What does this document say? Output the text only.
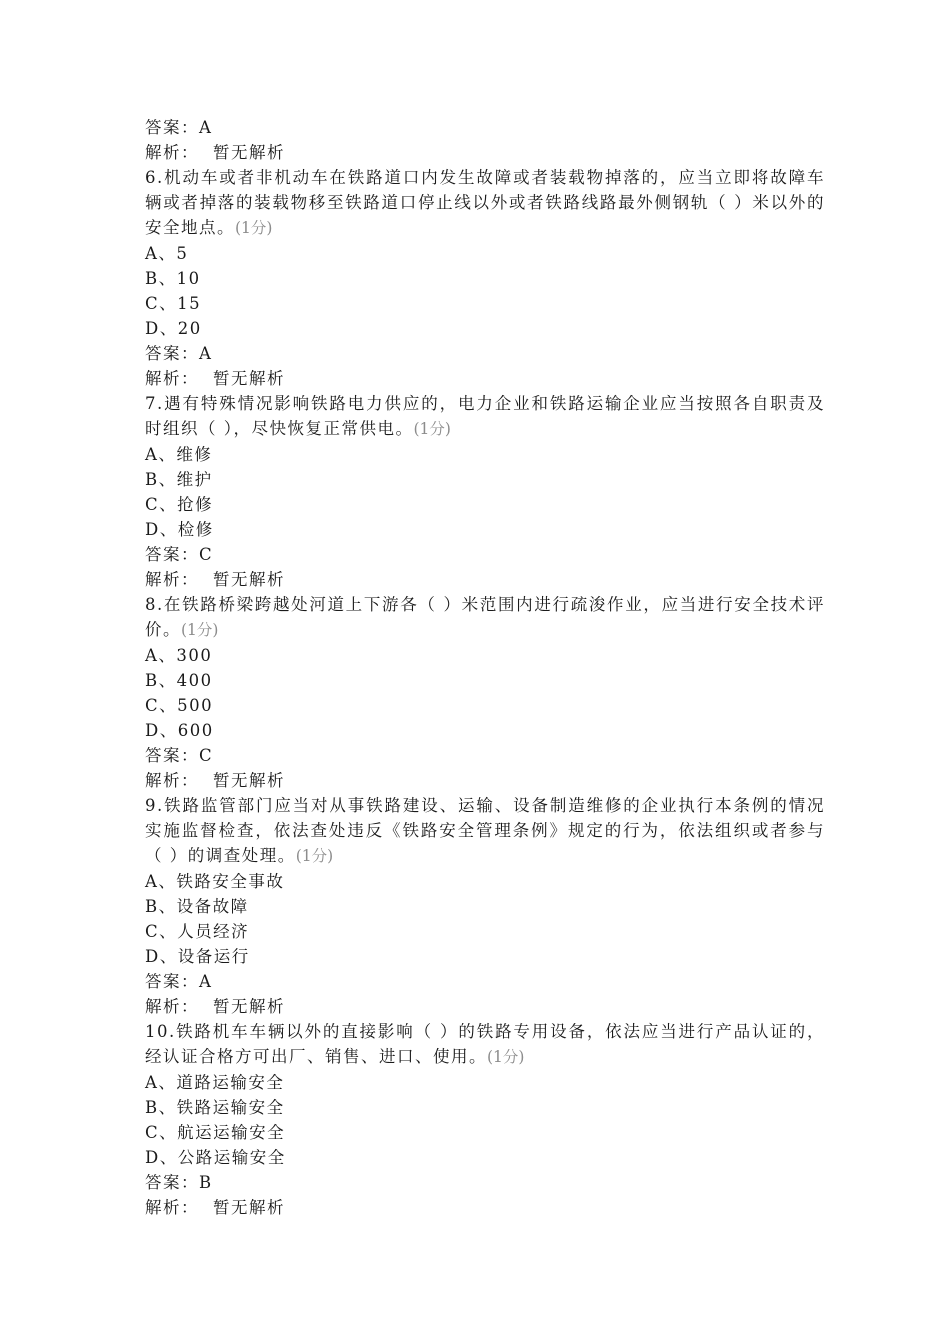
答案：A

解析： 暂无解析

6.机动车或者非机动车在铁路道口内发生故障或者装载物掉落的，应当立即将故障车辆或者掉落的装载物移至铁路道口停止线以外或者铁路线路最外侧钢轨（ ）米以外的安全地点。(1分)

A、5

B、10

C、15

D、20

答案：A

解析： 暂无解析

7.遇有特殊情况影响铁路电力供应的，电力企业和铁路运输企业应当按照各自职责及时组织（ ），尽快恢复正常供电。(1分)

A、维修

B、维护

C、抢修

D、检修

答案：C

解析： 暂无解析

8.在铁路桥梁跨越处河道上下游各（ ）米范围内进行疏浚作业，应当进行安全技术评价。(1分)

A、300

B、400

C、500

D、600

答案：C

解析： 暂无解析

9.铁路监管部门应当对从事铁路建设、运输、设备制造维修的企业执行本条例的情况实施监督检查，依法查处违反《铁路安全管理条例》规定的行为，依法组织或者参与（ ）的调查处理。(1分)

A、铁路安全事故

B、设备故障

C、人员经济

D、设备运行

答案：A

解析： 暂无解析

10.铁路机车车辆以外的直接影响（ ）的铁路专用设备，依法应当进行产品认证的，经认证合格方可出厂、销售、进口、使用。(1分)

A、道路运输安全

B、铁路运输安全

C、航运运输安全

D、公路运输安全

答案：B

解析： 暂无解析
